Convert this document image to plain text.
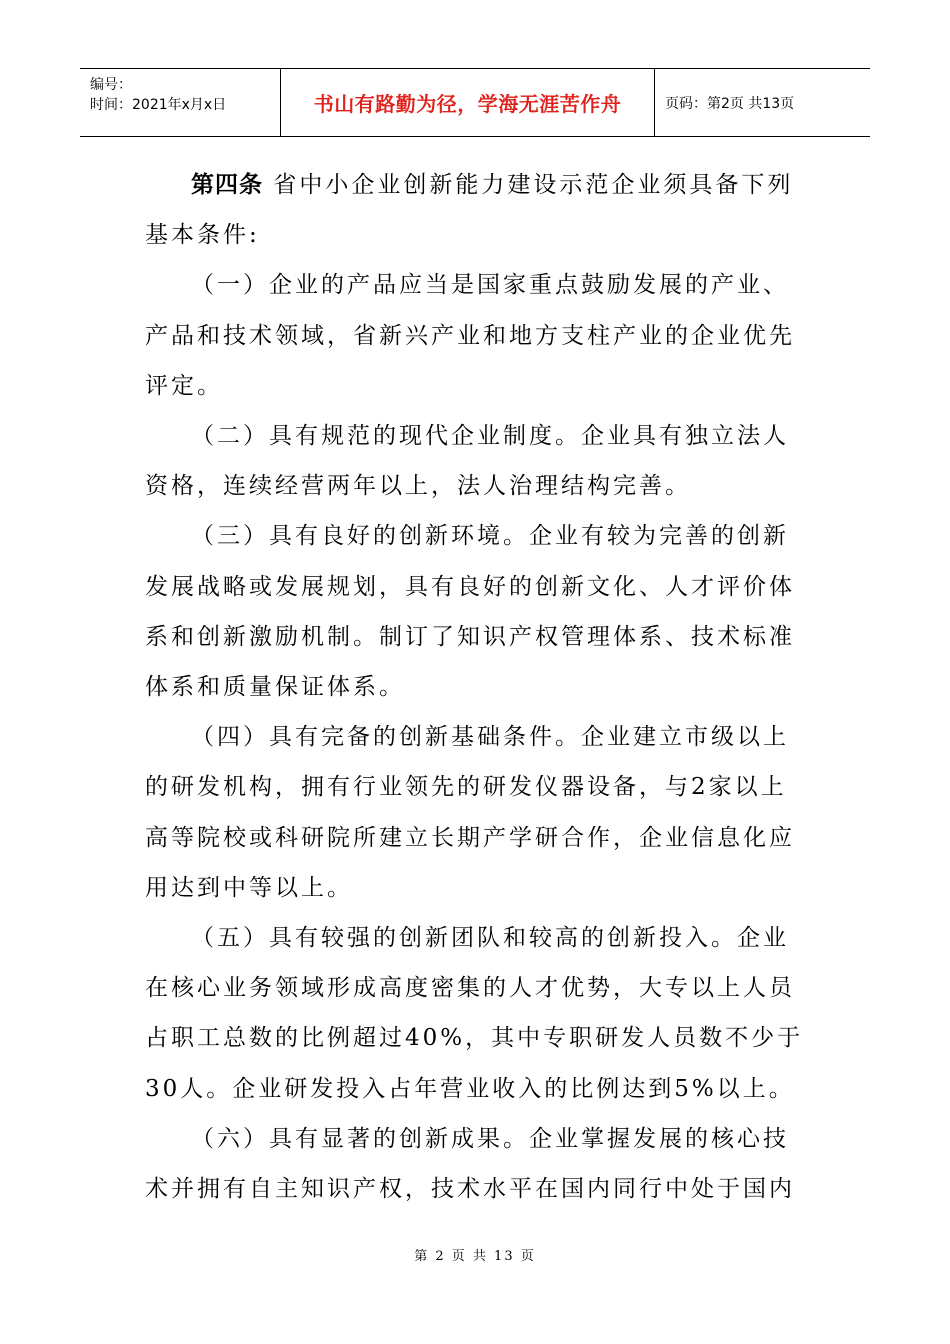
编号：
时间：2021年x月x日	书山有路勤为径，学海无涯苦作舟	页码：第2页 共13页

第四条 省中小企业创新能力建设示范企业须具备下列基本条件:

（一）企业的产品应当是国家重点鼓励发展的产业、产品和技术领域，省新兴产业和地方支柱产业的企业优先评定。

（二）具有规范的现代企业制度。企业具有独立法人资格，连续经营两年以上，法人治理结构完善。

（三）具有良好的创新环境。企业有较为完善的创新发展战略或发展规划，具有良好的创新文化、人才评价体系和创新激励机制。制订了知识产权管理体系、技术标准体系和质量保证体系。

（四）具有完备的创新基础条件。企业建立市级以上的研发机构，拥有行业领先的研发仪器设备，与2家以上高等院校或科研院所建立长期产学研合作，企业信息化应用达到中等以上。

（五）具有较强的创新团队和较高的创新投入。企业在核心业务领域形成高度密集的人才优势，大专以上人员占职工总数的比例超过40%，其中专职研发人员数不少于30人。企业研发投入占年营业收入的比例达到5%以上。

（六）具有显著的创新成果。企业掌握发展的核心技术并拥有自主知识产权，技术水平在国内同行中处于国内

第 2 页 共 13 页
